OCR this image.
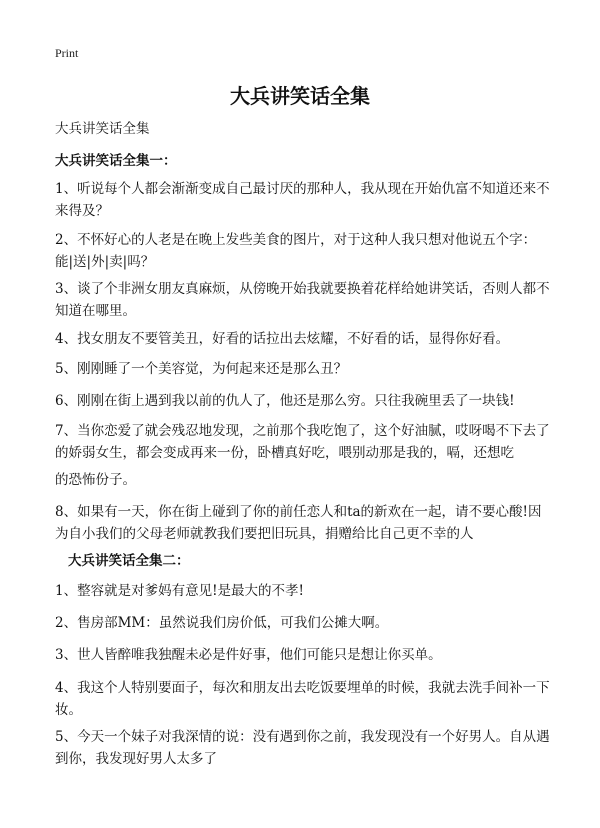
Print
大兵讲笑话全集
大兵讲笑话全集
大兵讲笑话全集一：
1、听说每个人都会渐渐变成自己最讨厌的那种人，我从现在开始仇富不知道还来不来得及？
2、不怀好心的人老是在晚上发些美食的图片，对于这种人我只想对他说五个字：能|送|外|卖|吗？
3、谈了个非洲女朋友真麻烦，从傍晚开始我就要换着花样给她讲笑话，否则人都不知道在哪里。
4、找女朋友不要管美丑，好看的话拉出去炫耀，不好看的话，显得你好看。
5、刚刚睡了一个美容觉，为何起来还是那么丑？
6、刚刚在街上遇到我以前的仇人了，他还是那么穷。只往我碗里丢了一块钱!
7、当你恋爱了就会残忍地发现，之前那个我吃饱了，这个好油腻，哎呀喝不下去了的娇弱女生，都会变成再来一份，卧槽真好吃，喂别动那是我的，嗝，还想吃
的恐怖份子。
8、如果有一天，你在街上碰到了你的前任恋人和ta的新欢在一起，请不要心酸!因为自小我们的父母老师就教我们要把旧玩具，捐赠给比自己更不幸的人
大兵讲笑话全集二：
1、整容就是对爹妈有意见!是最大的不孝!
2、售房部MM：虽然说我们房价低，可我们公摊大啊。
3、世人皆醉唯我独醒未必是件好事，他们可能只是想让你买单。
4、我这个人特别要面子，每次和朋友出去吃饭要埋单的时候，我就去洗手间补一下妆。
5、今天一个妹子对我深情的说：没有遇到你之前，我发现没有一个好男人。自从遇到你，我发现好男人太多了
